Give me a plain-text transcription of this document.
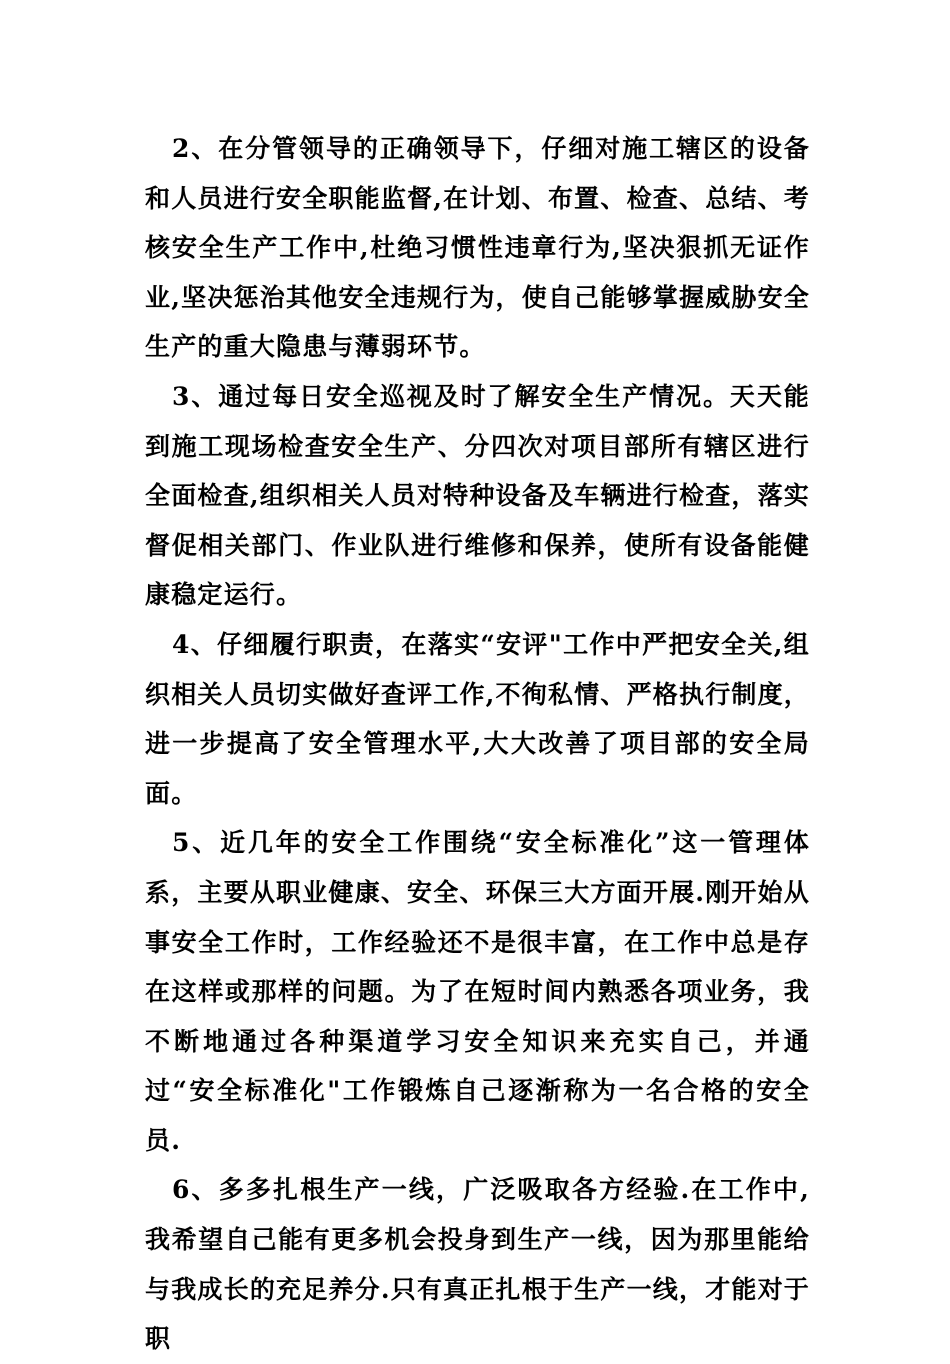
2、在分管领导的正确领导下，仔细对施工辖区的设备和人员进行安全职能监督,在计划、布置、检查、总结、考核安全生产工作中,杜绝习惯性违章行为,坚决狠抓无证作业,坚决惩治其他安全违规行为，使自己能够掌握威胁安全生产的重大隐患与薄弱环节。

3、通过每日安全巡视及时了解安全生产情况。天天能到施工现场检查安全生产、分四次对项目部所有辖区进行全面检查,组织相关人员对特种设备及车辆进行检查，落实督促相关部门、作业队进行维修和保养，使所有设备能健康稳定运行。

4、仔细履行职责，在落实“安评"工作中严把安全关,组织相关人员切实做好查评工作,不徇私情、严格执行制度，进一步提高了安全管理水平,大大改善了项目部的安全局面。

5、近几年的安全工作围绕“安全标准化”这一管理体系，主要从职业健康、安全、环保三大方面开展.刚开始从事安全工作时，工作经验还不是很丰富，在工作中总是存在这样或那样的问题。为了在短时间内熟悉各项业务，我不断地通过各种渠道学习安全知识来充实自己，并通过“安全标准化"工作锻炼自己逐渐称为一名合格的安全员.

6、多多扎根生产一线，广泛吸取各方经验.在工作中,我希望自己能有更多机会投身到生产一线，因为那里能给与我成长的充足养分.只有真正扎根于生产一线，才能对于职
